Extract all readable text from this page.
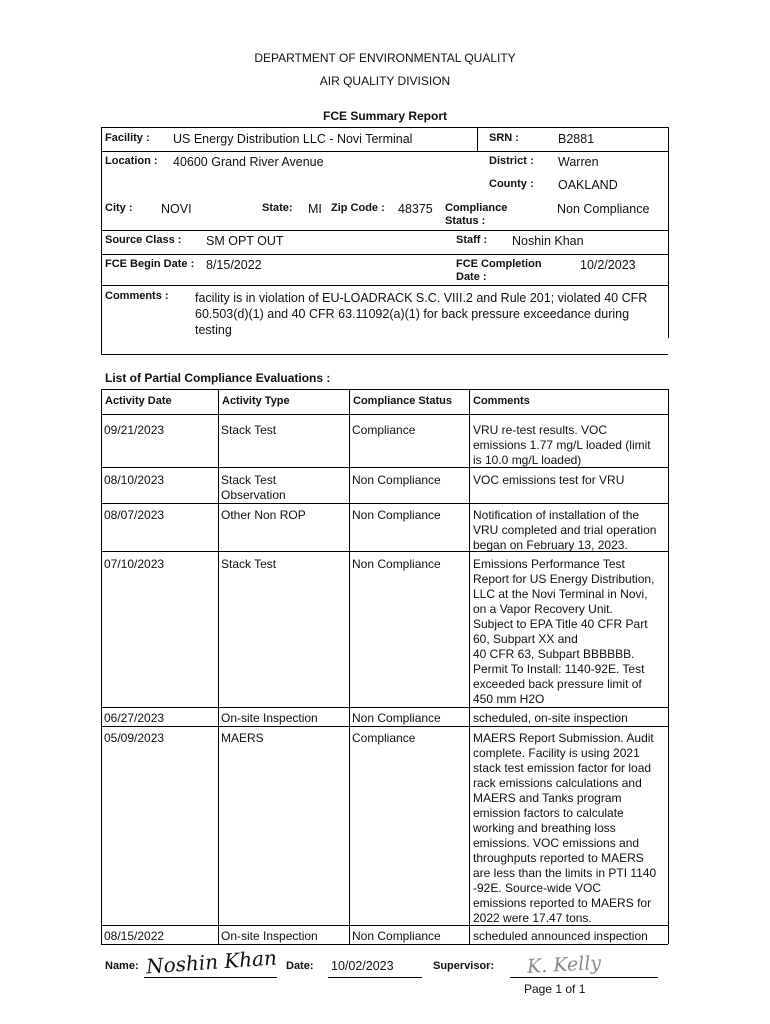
DEPARTMENT OF ENVIRONMENTAL QUALITY
AIR QUALITY DIVISION
FCE Summary Report
Facility : US Energy Distribution LLC - Novi Terminal	SRN :	B2881
Location : 40600 Grand River Avenue	District : Warren
County : OAKLAND
City : NOVI	State: MI Zip Code : 48375 Compliance
Status :
Non Compliance
Source Class : SM OPT OUT	Staff : Noshin Khan
FCE Begin Date : 8/15/2022	FCE Completion
Date :
10/2/2023
Comments : facility is in violation of EU-LOADRACK S.C. VIII.2 and Rule 201; violated 40 CFR
60.503(d)(1) and 40 CFR 63.11092(a)(1) for back pressure exceedance during
testing
List of Partial Compliance Evaluations :
Activity Date	Activity Type	Compliance Status Comments
09/21/2023	Stack Test	Compliance	VRU re-test results. VOC
emissions 1.77 mg/L loaded (limit
is 10.0 mg/L loaded)
08/10/2023	Stack Test
Observation
Non Compliance	VOC emissions test for VRU
08/07/2023	Other Non ROP	Non Compliance	Notification of installation of the
VRU completed and trial operation
began on February 13, 2023.
07/10/2023	Stack Test	Non Compliance	Emissions Performance Test
Report for US Energy Distribution,
LLC at the Novi Terminal in Novi,
on a Vapor Recovery Unit.
Subject to EPA Title 40 CFR Part
60, Subpart XX and
40 CFR 63, Subpart BBBBBB.
Permit To Install: 1140-92E. Test
exceeded back pressure limit of
450 mm H2O
06/27/2023	On-site Inspection	Non Compliance	scheduled, on-site inspection
05/09/2023	MAERS	Compliance	MAERS Report Submission. Audit
complete. Facility is using 2021
stack test emission factor for load
rack emissions calculations and
MAERS and Tanks program
emission factors to calculate
working and breathing loss
emissions. VOC emissions and
throughputs reported to MAERS
are less than the limits in PTI 1140
-92E. Source-wide VOC
emissions reported to MAERS for
2022 were 17.47 tons.
08/15/2022	On-site Inspection	Non Compliance	scheduled announced inspection
Name: Noshin Khan Date: 10/02/2023	Supervisor: K. Kelly
Page 1 of 1
